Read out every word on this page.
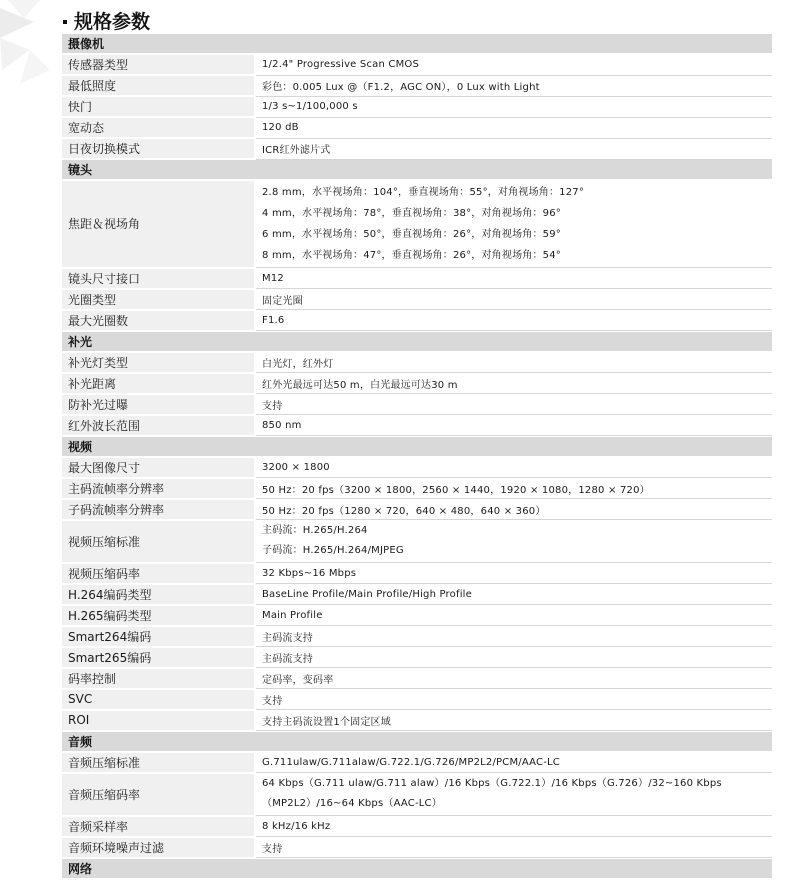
规格参数
摄像机	
传感器类型	1/2.4" Progressive Scan CMOS

最低照度	彩色：0.005 Lux @（F1.2，AGC ON），0 Lux with Light

快门	1/3 s~1/100,000 s

宽动态	120 dB

日夜切换模式	ICR红外滤片式

镜头	
焦距＆视场角	2.8 mm，水平视场角：104°，垂直视场角：55°，对角视场角：127°
4 mm，水平视场角：78°，垂直视场角：38°，对角视场角：96°
6 mm，水平视场角：50°，垂直视场角：26°，对角视场角：59°
8 mm，水平视场角：47°，垂直视场角：26°，对角视场角：54°

镜头尺寸接口	M12

光圈类型	固定光圈

最大光圈数	F1.6

补光	
补光灯类型	白光灯，红外灯

补光距离	红外光最远可达50 m，白光最远可达30 m

防补光过曝	支持

红外波长范围	850 nm

视频	
最大图像尺寸	3200 × 1800

主码流帧率分辨率	50 Hz：20 fps（3200 × 1800，2560 × 1440，1920 × 1080，1280 × 720）

子码流帧率分辨率	50 Hz：20 fps（1280 × 720，640 × 480，640 × 360）

视频压缩标准	主码流：H.265/H.264
子码流：H.265/H.264/MJPEG

视频压缩码率	32 Kbps~16 Mbps

H.264编码类型	BaseLine Profile/Main Profile/High Profile

H.265编码类型	Main Profile

Smart264编码	主码流支持

Smart265编码	主码流支持

码率控制	定码率，变码率

SVC	支持

ROI	支持主码流设置1个固定区域

音频	
音频压缩标准	G.711ulaw/G.711alaw/G.722.1/G.726/MP2L2/PCM/AAC-LC

音频压缩码率	64 Kbps（G.711 ulaw/G.711 alaw）/16 Kbps（G.722.1）/16 Kbps（G.726）/32~160 Kbps
（MP2L2）/16~64 Kbps（AAC-LC）

音频采样率	8 kHz/16 kHz

音频环境噪声过滤	支持

网络	
